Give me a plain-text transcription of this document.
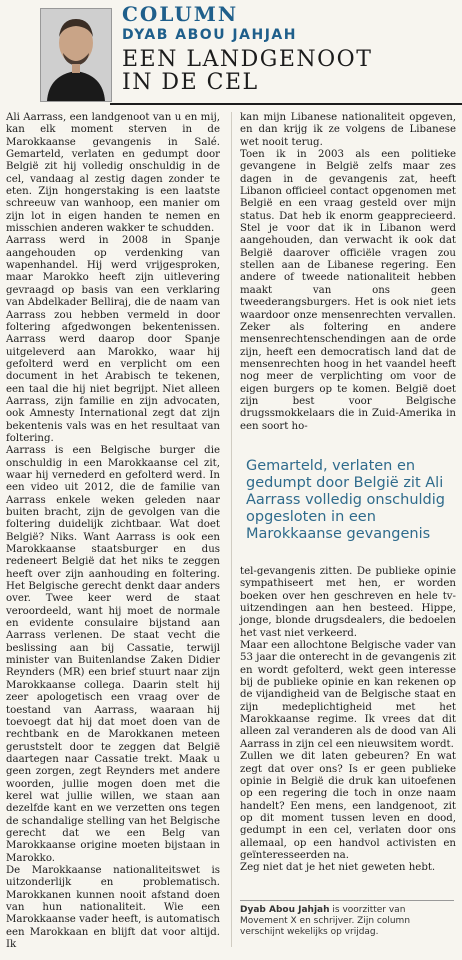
COLUMN
DYAB ABOU JAHJAH
EEN LANDGENOOT
IN DE CEL

Ali Aarrass, een landgenoot van u en mij, kan elk moment sterven in de Marokkaanse gevangenis in Salé. Gemarteld, verlaten en gedumpt door België zit hij volledig onschuldig in de cel, vandaag al zestig dagen zonder te eten. Zijn hongerstaking is een laatste schreeuw van wanhoop, een manier om zijn lot in eigen handen te nemen en misschien anderen wakker te schudden.

Aarrass werd in 2008 in Spanje aangehouden op verdenking van wapenhandel. Hij werd vrijgesproken, maar Marokko heeft zijn uitlevering gevraagd op basis van een verklaring van Abdelkader Belliraj, die de naam van Aarrass zou hebben vermeld in door foltering afgedwongen bekentenissen. Aarrass werd daarop door Spanje uitgeleverd aan Marokko, waar hij gefolterd werd en verplicht om een document in het Arabisch te tekenen, een taal die hij niet begrijpt. Niet alleen Aarrass, zijn familie en zijn advocaten, ook Amnesty International zegt dat zijn bekentenis vals was en het resultaat van foltering.

Aarrass is een Belgische burger die onschuldig in een Marokkaanse cel zit, waar hij vernederd en gefolterd werd. In een video uit 2012, die de familie van Aarrass enkele weken geleden naar buiten bracht, zijn de gevolgen van die foltering duidelijk zichtbaar. Wat doet België? Niks. Want Aarrass is ook een Marokkaanse staatsburger en dus redeneert België dat het niks te zeggen heeft over zijn aanhouding en foltering. Het Belgische gerecht denkt daar anders over. Twee keer werd de staat veroordeeld, want hij moet de normale en evidente consulaire bijstand aan Aarrass verlenen. De staat vecht die beslissing aan bij Cassatie, terwijl minister van Buitenlandse Zaken Didier Reynders (MR) een brief stuurt naar zijn Marokkaanse collega. Daarin stelt hij zeer apologetisch een vraag over de toestand van Aarrass, waaraan hij toevoegt dat hij dat moet doen van de rechtbank en de Marokkanen meteen geruststelt door te zeggen dat België daartegen naar Cassatie trekt. Maak u geen zorgen, zegt Reynders met andere woorden, jullie mogen doen met die kerel wat jullie willen, we staan aan dezelfde kant en we verzetten ons tegen de schandalige stelling van het Belgische gerecht dat we een Belg van Marokkaanse origine moeten bijstaan in Marokko.

De Marokkaanse nationaliteitswet is uitzonderlijk en problematisch. Marokkanen kunnen nooit afstand doen van hun nationaliteit. Wie een Marokkaanse vader heeft, is automatisch een Marokkaan en blijft dat voor altijd. Ik

kan mijn Libanese nationaliteit opgeven, en dan krijg ik ze volgens de Libanese wet nooit terug.

Toen ik in 2003 als een politieke gevangene in België zelfs maar zes dagen in de gevangenis zat, heeft Libanon officieel contact opgenomen met België en een vraag gesteld over mijn status. Dat heb ik enorm geapprecieerd. Stel je voor dat ik in Libanon werd aangehouden, dan verwacht ik ook dat België daarover officiële vragen zou stellen aan de Libanese regering. Een andere of tweede nationaliteit hebben maakt van ons geen tweederangsburgers. Het is ook niet iets waardoor onze mensenrechten vervallen. Zeker als foltering en andere mensenrechtenschendingen aan de orde zijn, heeft een democratisch land dat de mensenrechten hoog in het vaandel heeft nog meer de verplichting om voor de eigen burgers op te komen. België doet zijn best voor Belgische drugssmokkelaars die in Zuid-Amerika in een soort ho-

Gemarteld, verlaten en gedumpt door België zit Ali Aarrass volledig onschuldig opgesloten in een Marokkaanse gevangenis

tel-gevangenis zitten. De publieke opinie sympathiseert met hen, er worden boeken over hen geschreven en hele tv-uitzendingen aan hen besteed. Hippe, jonge, blonde drugsdealers, die bedoelen het vast niet verkeerd.

Maar een allochtone Belgische vader van 53 jaar die onterecht in de gevangenis zit en wordt gefolterd, wekt geen interesse bij de publieke opinie en kan rekenen op de vijandigheid van de Belgische staat en zijn medeplichtigheid met het Marokkaanse regime. Ik vrees dat dit alleen zal veranderen als de dood van Ali Aarrass in zijn cel een nieuwsitem wordt.

Zullen we dit laten gebeuren? En wat zegt dat over ons? Is er geen publieke opinie in België die druk kan uitoefenen op een regering die toch in onze naam handelt? Een mens, een landgenoot, zit op dit moment tussen leven en dood, gedumpt in een cel, verlaten door ons allemaal, op een handvol activisten en geïnteresseerden na.

Zeg niet dat je het niet geweten hebt.

Dyab Abou Jahjah is voorzitter van Movement X en schrijver. Zijn column verschijnt wekelijks op vrijdag.
